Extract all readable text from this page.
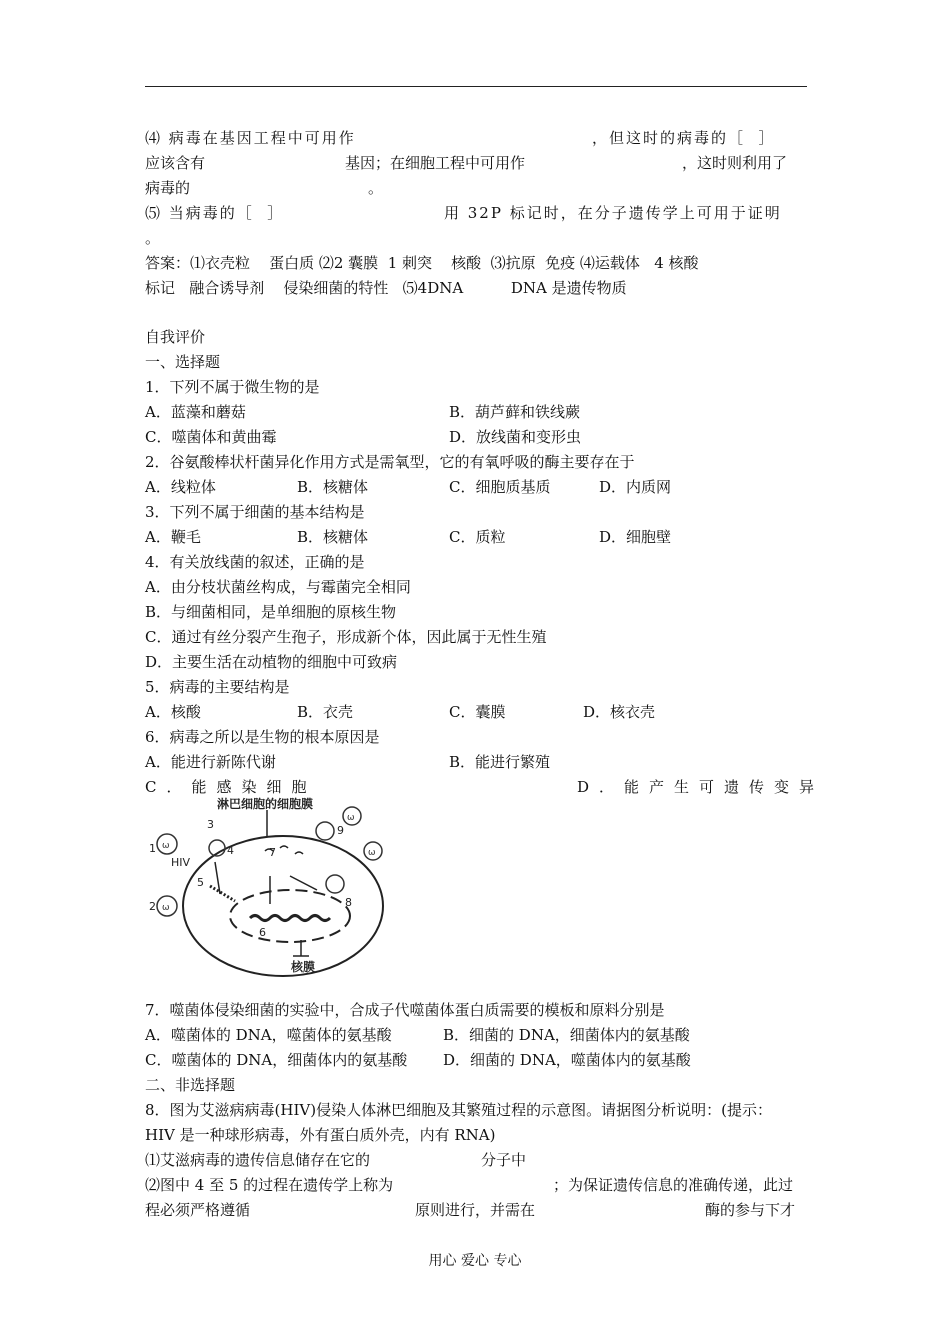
⑷ 病毒在基因工程中可用作	，但这时的病毒的［  ］
应该含有	基因；在细胞工程中可用作	，这时则利用了
病毒的	。
⑸ 当病毒的［  ］	用 32P 标记时，在分子遗传学上可用于证明
。
答案：⑴衣壳粒    蛋白质 ⑵2 囊膜  1 刺突    核酸  ⑶抗原  免疫 ⑷运载体   4 核酸
标记   融合诱导剂    侵染细菌的特性   ⑸4DNA          DNA 是遗传物质
自我评价
一、选择题
1．下列不属于微生物的是
A．蓝藻和蘑菇	B．葫芦藓和铁线蕨
C．噬菌体和黄曲霉	D．放线菌和变形虫
2．谷氨酸棒状杆菌异化作用方式是需氧型，它的有氧呼吸的酶主要存在于
A．线粒体	B．核糖体	C．细胞质基质	D．内质网
3．下列不属于细菌的基本结构是
A．鞭毛	B．核糖体	C．质粒	D．细胞壁
4．有关放线菌的叙述，正确的是
A．由分枝状菌丝构成，与霉菌完全相同
B．与细菌相同，是单细胞的原核生物
C．通过有丝分裂产生孢子，形成新个体，因此属于无性生殖
D．主要生活在动植物的细胞中可致病
5．病毒的主要结构是
A．核酸	B．衣壳	C．囊膜	D．核衣壳
6．病毒之所以是生物的根本原因是
A．能进行新陈代谢	B．能进行繁殖
C．能感染细胞	D．能产生可遗传变异
淋巴细胞的细胞膜
核膜
ω
ω
ω
ω
HIV
1
2
3
4
5
6
7
8
9
7．噬菌体侵染细菌的实验中，合成子代噬菌体蛋白质需要的模板和原料分别是
A．噬菌体的 DNA，噬菌体的氨基酸	B．细菌的 DNA，细菌体内的氨基酸
C．噬菌体的 DNA，细菌体内的氨基酸 D．细菌的 DNA，噬菌体内的氨基酸
二、非选择题
8．图为艾滋病病毒(HIV)侵染人体淋巴细胞及其繁殖过程的示意图。请据图分析说明：(提示：
HIV 是一种球形病毒，外有蛋白质外壳，内有 RNA)
⑴艾滋病毒的遗传信息储存在它的	分子中
⑵图中 4 至 5 的过程在遗传学上称为	；为保证遗传信息的准确传递，此过
程必须严格遵循	原则进行，并需在	酶的参与下才
用心 爱心 专心
